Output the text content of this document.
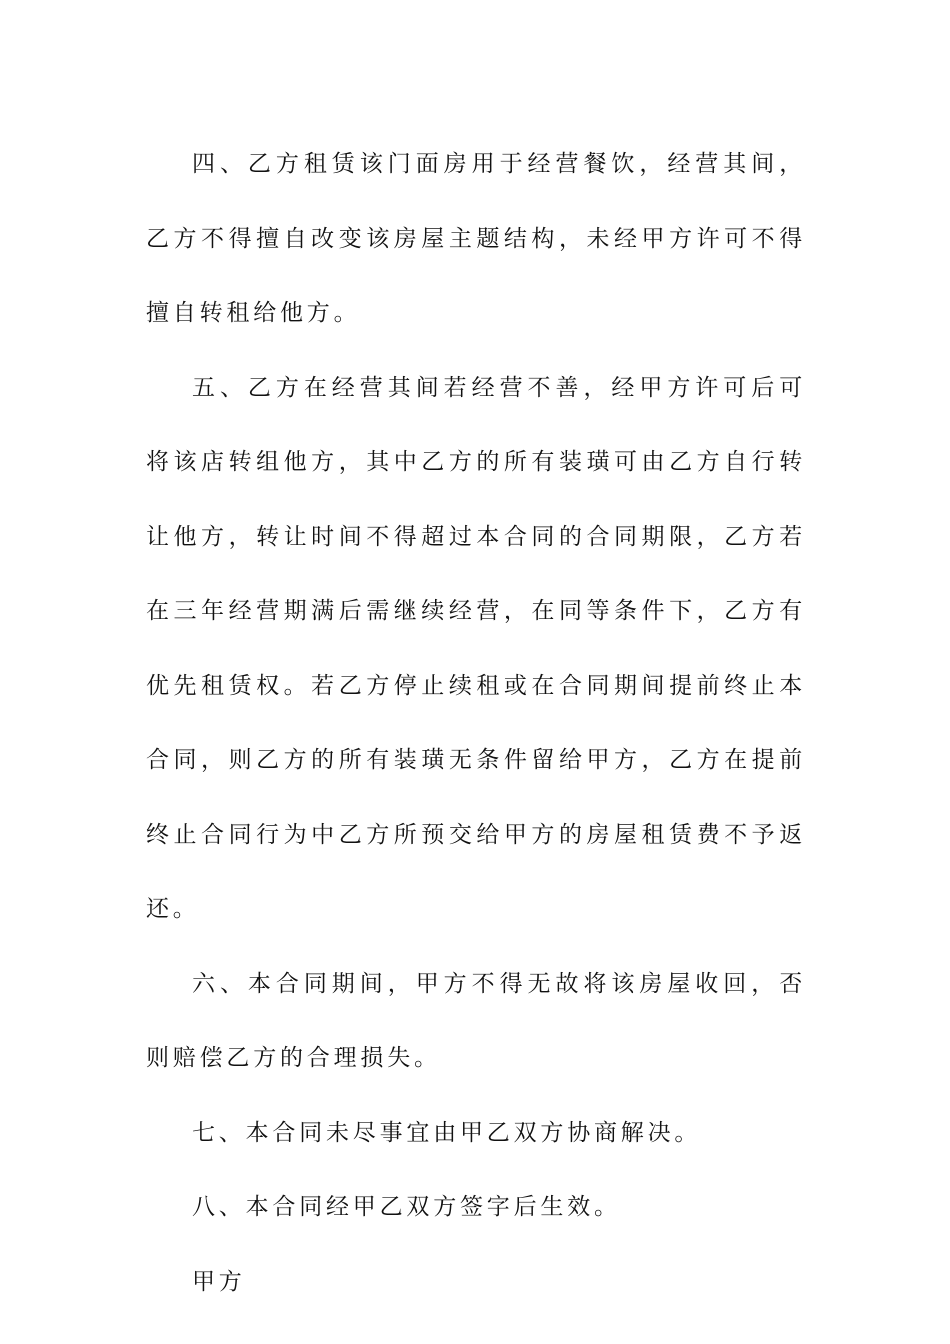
四、乙方租赁该门面房用于经营餐饮，经营其间，乙方不得擅自改变该房屋主题结构，未经甲方许可不得擅自转租给他方。

五、乙方在经营其间若经营不善，经甲方许可后可将该店转组他方，其中乙方的所有装璜可由乙方自行转让他方，转让时间不得超过本合同的合同期限，乙方若在三年经营期满后需继续经营，在同等条件下，乙方有优先租赁权。若乙方停止续租或在合同期间提前终止本合同，则乙方的所有装璜无条件留给甲方，乙方在提前终止合同行为中乙方所预交给甲方的房屋租赁费不予返还。

六、本合同期间，甲方不得无故将该房屋收回，否则赔偿乙方的合理损失。

七、本合同未尽事宜由甲乙双方协商解决。

八、本合同经甲乙双方签字后生效。

甲方
